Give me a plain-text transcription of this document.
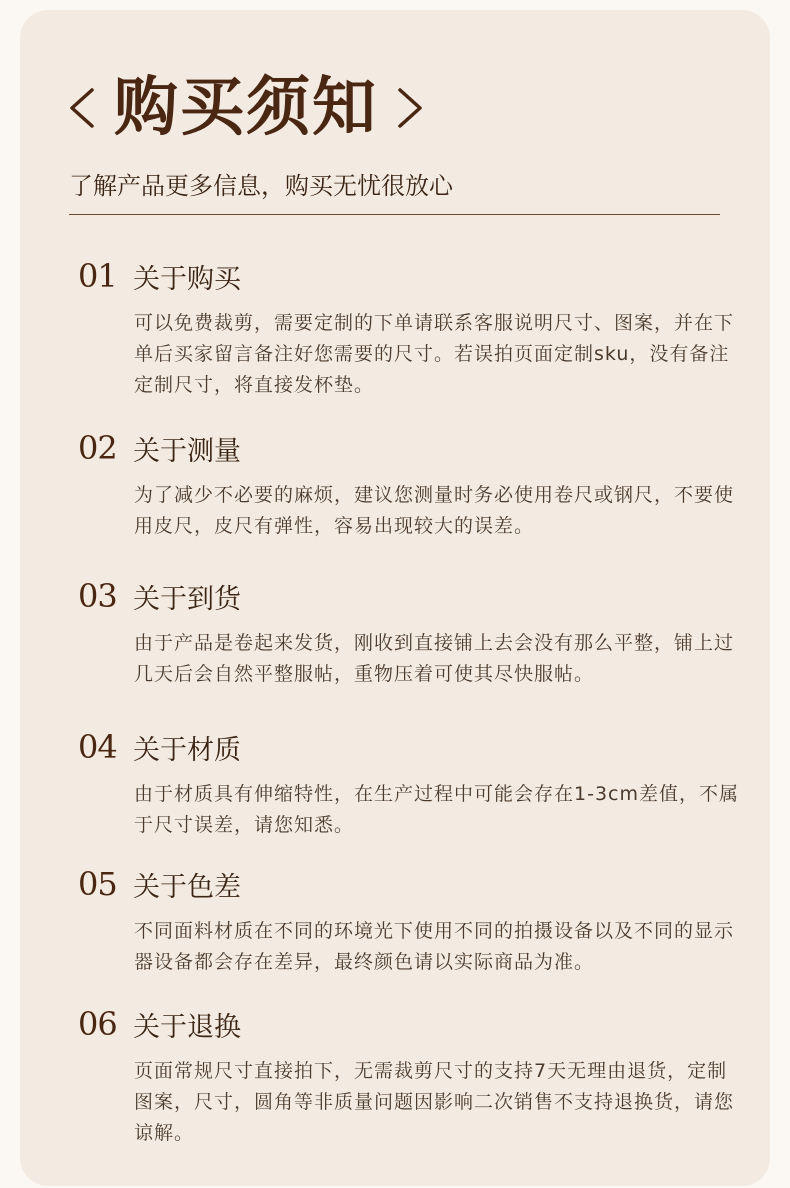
购买须知
了解产品更多信息，购买无忧很放心
01 关于购买
可以免费裁剪，需要定制的下单请联系客服说明尺寸、图案，并在下单后买家留言备注好您需要的尺寸。若误拍页面定制sku，没有备注定制尺寸，将直接发杯垫。
02 关于测量
为了减少不必要的麻烦，建议您测量时务必使用卷尺或钢尺，不要使用皮尺，皮尺有弹性，容易出现较大的误差。
03 关于到货
由于产品是卷起来发货，刚收到直接铺上去会没有那么平整，铺上过几天后会自然平整服帖，重物压着可使其尽快服帖。
04 关于材质
由于材质具有伸缩特性，在生产过程中可能会存在1-3cm差值，不属于尺寸误差，请您知悉。
05 关于色差
不同面料材质在不同的环境光下使用不同的拍摄设备以及不同的显示器设备都会存在差异，最终颜色请以实际商品为准。
06 关于退换
页面常规尺寸直接拍下，无需裁剪尺寸的支持7天无理由退货，定制图案，尺寸，圆角等非质量问题因影响二次销售不支持退换货，请您谅解。
